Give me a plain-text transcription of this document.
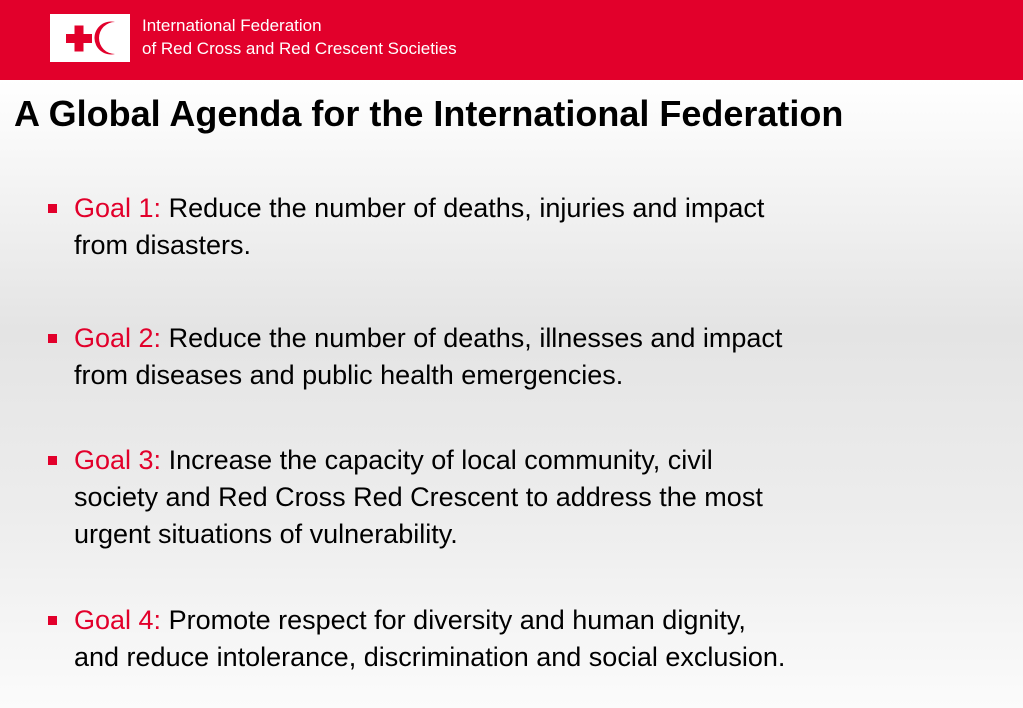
International Federation
of Red Cross and Red Crescent Societies
A Global Agenda for the International Federation
Goal 1: Reduce the number of deaths, injuries and impact
from disasters.
Goal 2: Reduce the number of deaths, illnesses and impact
from diseases and public health emergencies.
Goal 3: Increase the capacity of local community, civil
society and Red Cross Red Crescent to address the most
urgent situations of vulnerability.
Goal 4: Promote respect for diversity and human dignity,
and reduce intolerance, discrimination and social exclusion.
